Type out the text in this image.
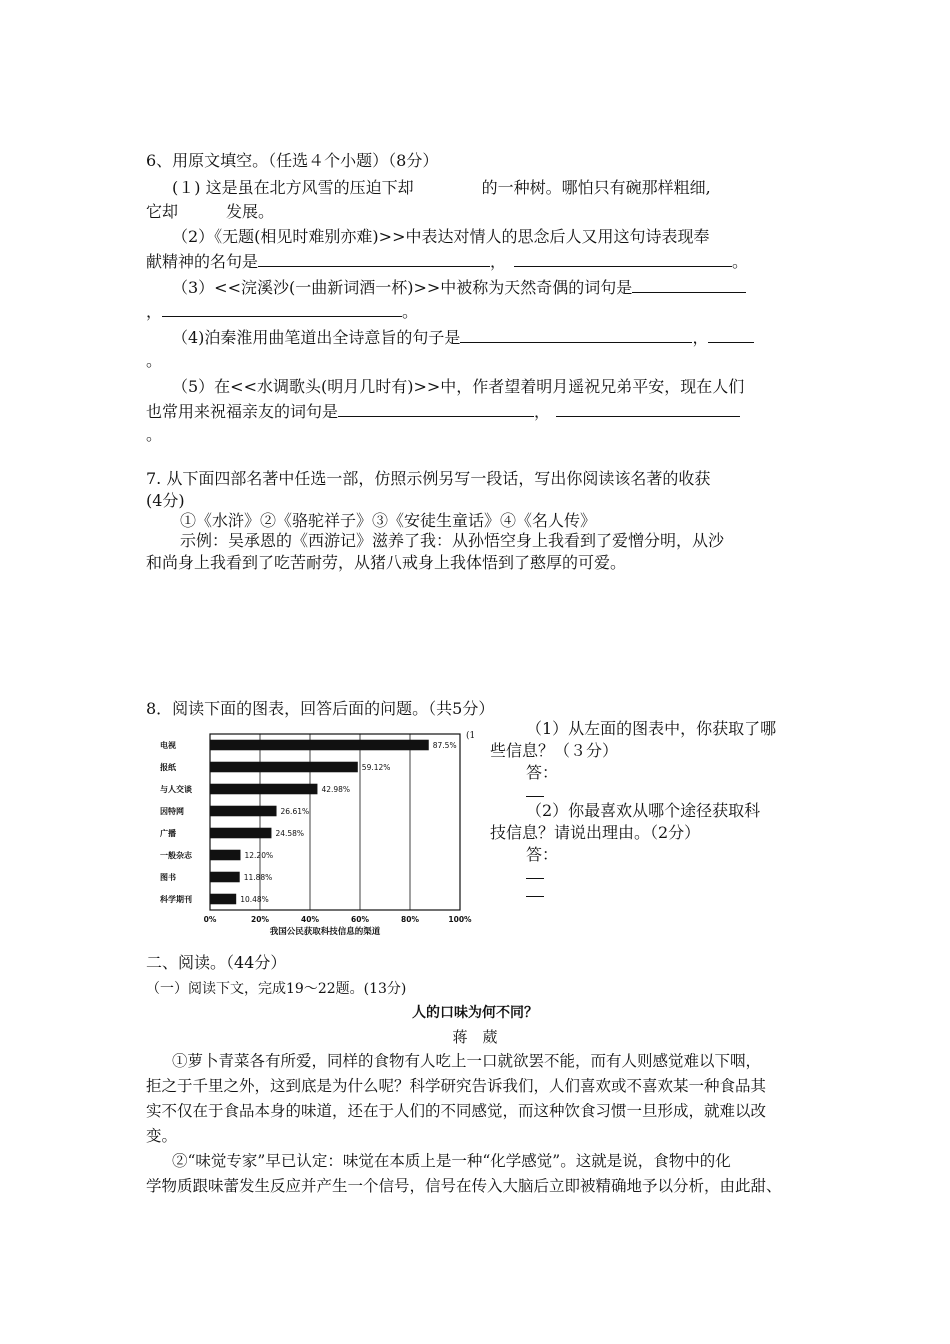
6、用原文填空。（任选４个小题）（8分）
(１) 这是虽在北方风雪的压迫下却	的一种树。哪怕只有碗那样粗细,
它却	发展。
（2）《无题(相见时难别亦难)>>中表达对情人的思念后人又用这句诗表现奉
献精神的名句是	，	。
（3）<<浣溪沙(一曲新词酒一杯)>>中被称为天然奇偶的词句是
，	。
（4)泊秦淮用曲笔道出全诗意旨的句子是	，
。
（5）在<<水调歌头(明月几时有)>>中，作者望着明月遥祝兄弟平安，现在人们
也常用来祝福亲友的词句是	，
。
7. 从下面四部名著中任选一部，仿照示例另写一段话，写出你阅读该名著的收获
(4分)
①《水浒》②《骆驼祥子》③《安徒生童话》④《名人传》
示例：吴承恩的《西游记》滋养了我：从孙悟空身上我看到了爱憎分明，从沙
和尚身上我看到了吃苦耐劳，从猪八戒身上我体悟到了憨厚的可爱。
8．阅读下面的图表，回答后面的问题。（共5分）
(1
0%	20%	40%	60%	80%	100%
电视	87.5%
报纸	59.12%
与人交谈	42.98%
因特网	26.61%
广播	24.58%
一般杂志	12.20%
图书	11.88%
科学期刊	10.48%
我国公民获取科技信息的渠道
（1）从左面的图表中，你获取了哪
些信息？（３分）
答：
（2）你最喜欢从哪个途径获取科
技信息？请说出理由。（2分）
答：
二、阅读。（44分）
（一）阅读下文，完成19～22题。(13分)
人的口味为何不同？
蒋　葳
①萝卜青菜各有所爱，同样的食物有人吃上一口就欲罢不能，而有人则感觉难以下咽，
拒之于千里之外，这到底是为什么呢？科学研究告诉我们，人们喜欢或不喜欢某一种食品其
实不仅在于食品本身的味道，还在于人们的不同感觉，而这种饮食习惯一旦形成，就难以改
变。
②“味觉专家”早已认定：味觉在本质上是一种“化学感觉”。这就是说，食物中的化
学物质跟味蕾发生反应并产生一个信号，信号在传入大脑后立即被精确地予以分析，由此甜、
